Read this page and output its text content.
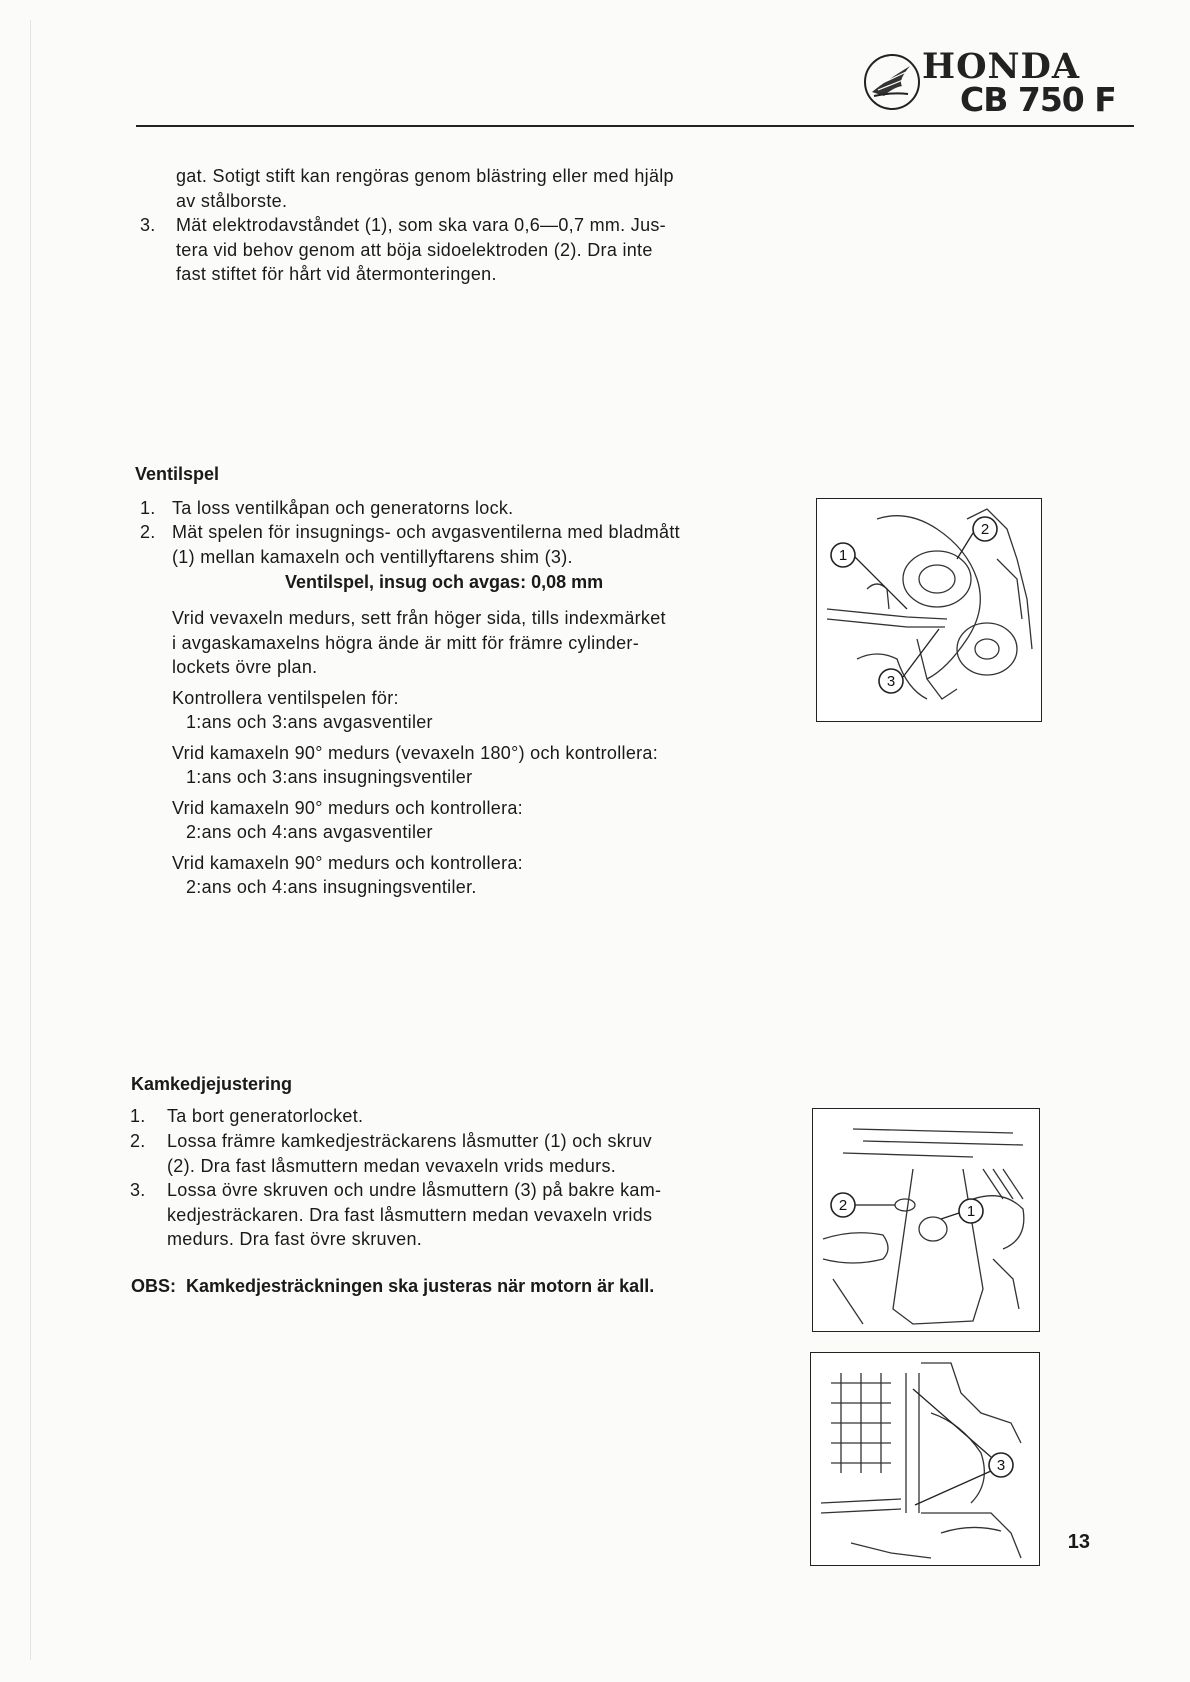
HONDA
CB 750 F
gat. Sotigt stift kan rengöras genom blästring eller med hjälp
av stålborste.
3. Mät elektrodavståndet (1), som ska vara 0,6—0,7 mm. Jus-
tera vid behov genom att böja sidoelektroden (2). Dra inte
fast stiftet för hårt vid återmonteringen.
Ventilspel
1. Ta loss ventilkåpan och generatorns lock.
2. Mät spelen för insugnings- och avgasventilerna med bladmått
(1) mellan kamaxeln och ventillyftarens shim (3).
Ventilspel, insug och avgas: 0,08 mm
Vrid vevaxeln medurs, sett från höger sida, tills indexmärket
i avgaskamaxelns högra ände är mitt för främre cylinder-
lockets övre plan.
Kontrollera ventilspelen för:
1:ans och 3:ans avgasventiler
Vrid kamaxeln 90° medurs (vevaxeln 180°) och kontrollera:
1:ans och 3:ans insugningsventiler
Vrid kamaxeln 90° medurs och kontrollera:
2:ans och 4:ans avgasventiler
Vrid kamaxeln 90° medurs och kontrollera:
2:ans och 4:ans insugningsventiler.
1
2
3
Kamkedjejustering
1. Ta bort generatorlocket.
2. Lossa främre kamkedjesträckarens låsmutter (1) och skruv
(2). Dra fast låsmuttern medan vevaxeln vrids medurs.
3. Lossa övre skruven och undre låsmuttern (3) på bakre kam-
kedjesträckaren. Dra fast låsmuttern medan vevaxeln vrids
medurs. Dra fast övre skruven.
OBS:  Kamkedjesträckningen ska justeras när motorn är kall.
2	1
3
13
